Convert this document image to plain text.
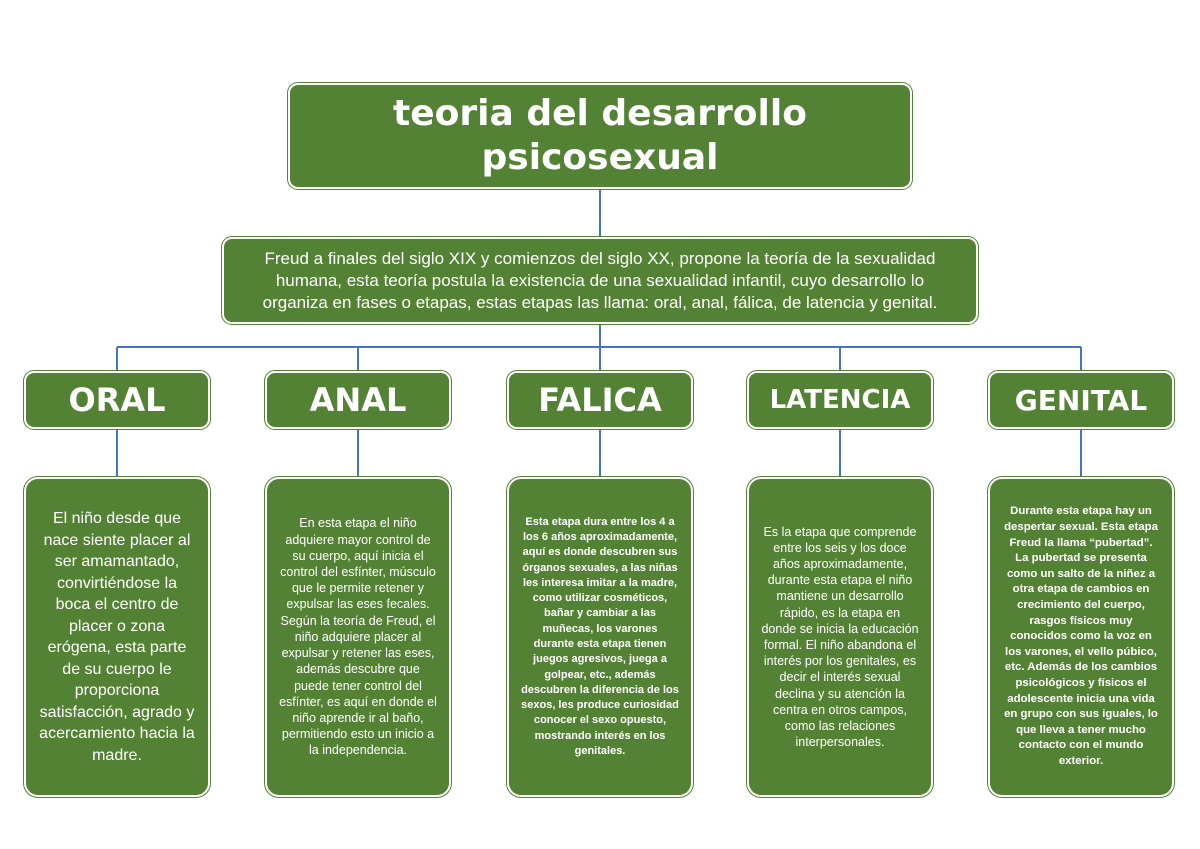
teoria del desarrollo psicosexual
Freud a finales del siglo XIX y comienzos del siglo XX, propone la teoría de la sexualidad humana, esta teoría postula la existencia de una sexualidad infantil, cuyo desarrollo lo organiza en fases o etapas, estas etapas las llama: oral, anal, fálica, de latencia y genital.
ORAL	ANAL	FALICA	LATENCIA	GENITAL
El niño desde que nace siente placer al ser amamantado, convirtiéndose la boca el centro de placer o zona erógena, esta parte de su cuerpo le proporciona satisfacción, agrado y acercamiento hacia la madre.
En esta etapa el niño adquiere mayor control de su cuerpo, aquí inicia el control del esfínter, músculo que le permite retener y expulsar las eses fecales. Según la teoría de Freud, el niño adquiere placer al expulsar y retener las eses, además descubre que puede tener control del esfínter, es aquí en donde el niño aprende ir al baño, permitiendo esto un inicio a la independencia.
Esta etapa dura entre los 4 a los 6 años aproximadamente, aquí es donde descubren sus órganos sexuales, a las niñas les interesa imitar a la madre, como utilizar cosméticos, bañar y cambiar a las muñecas, los varones durante esta etapa tienen juegos agresivos, juega a golpear, etc., además descubren la diferencia de los sexos, les produce curiosidad conocer el sexo opuesto, mostrando interés en los genitales.
Es la etapa que comprende entre los seis y los doce años aproximadamente, durante esta etapa el niño mantiene un desarrollo rápido, es la etapa en donde se inicia la educación formal. El niño abandona el interés por los genitales, es decir el interés sexual declina y su atención la centra en otros campos, como las relaciones interpersonales.
Durante esta etapa hay un despertar sexual. Esta etapa Freud la llama “pubertad”. La pubertad se presenta como un salto de la niñez a otra etapa de cambios en crecimiento del cuerpo, rasgos físicos muy conocidos como la voz en los varones, el vello púbico, etc. Además de los cambios psicológicos y físicos el adolescente inicia una vida en grupo con sus iguales, lo que lleva a tener mucho contacto con el mundo exterior.
